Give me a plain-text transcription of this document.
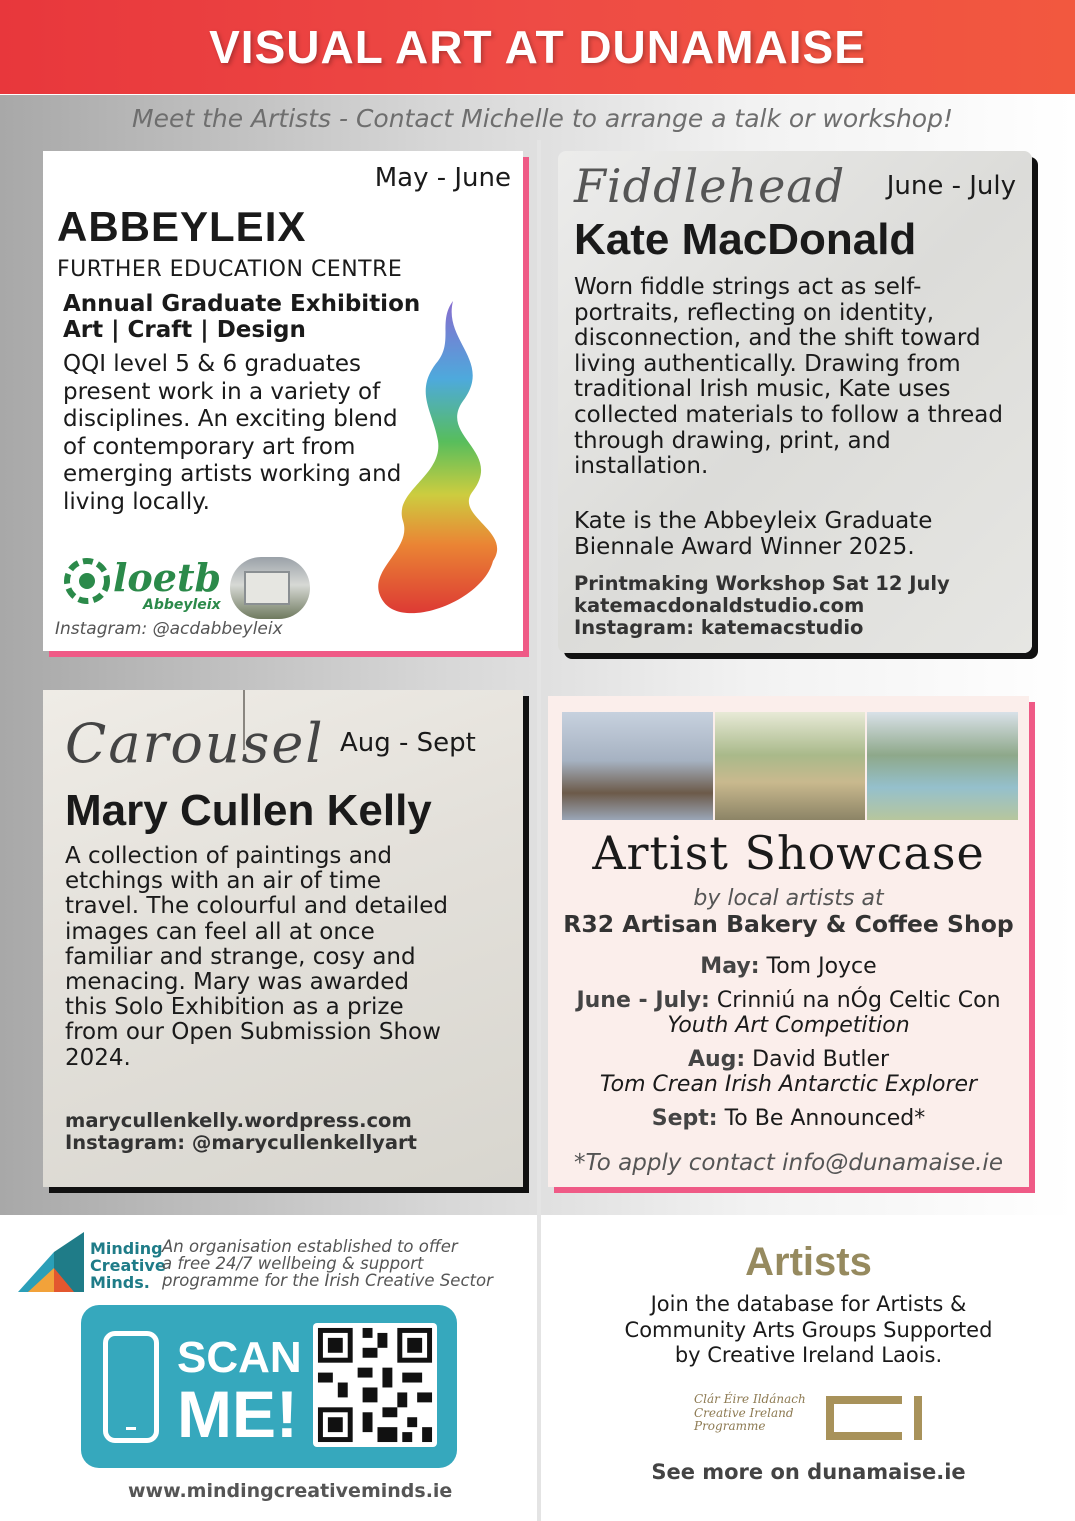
VISUAL ART AT DUNAMAISE
Meet the Artists - Contact Michelle to arrange a talk or workshop!
May - June
ABBEYLEIX
FURTHER EDUCATION CENTRE
Annual Graduate Exhibition
Art | Craft | Design
QQI level 5 & 6 graduates present work in a variety of disciplines. An exciting blend of contemporary art from emerging artists working and living locally.
loetb
Abbeyleix
Instagram: @acdabbeyleix
Fiddlehead June - July
Kate MacDonald
Worn fiddle strings act as self-portraits, reflecting on identity, disconnection, and the shift toward living authentically. Drawing from traditional Irish music, Kate uses collected materials to follow a thread through drawing, print, and installation.
Kate is the Abbeyleix Graduate Biennale Award Winner 2025.
Printmaking Workshop Sat 12 July
katemacdonaldstudio.com
Instagram: katemacstudio
Carousel Aug - Sept
Mary Cullen Kelly
A collection of paintings and etchings with an air of time travel. The colourful and detailed images can feel all at once familiar and strange, cosy and menacing. Mary was awarded this Solo Exhibition as a prize from our Open Submission Show 2024.
marycullenkelly.wordpress.com
Instagram: @marycullenkellyart
Artist Showcase
by local artists at
R32 Artisan Bakery & Coffee Shop
May: Tom Joyce
June - July: Crinniú na nÓg Celtic Con
Youth Art Competition
Aug: David Butler
Tom Crean Irish Antarctic Explorer
Sept: To Be Announced*
*To apply contact info@dunamaise.ie
Minding
Creative
Minds.
An organisation established to offer
a free 24/7 wellbeing & support
programme for the Irish Creative Sector
SCAN
ME!
www.mindingcreativeminds.ie
Artists
Join the database for Artists &
Community Arts Groups Supported
by Creative Ireland Laois.
Clár Éire Ildánach
Creative Ireland
Programme
See more on dunamaise.ie
